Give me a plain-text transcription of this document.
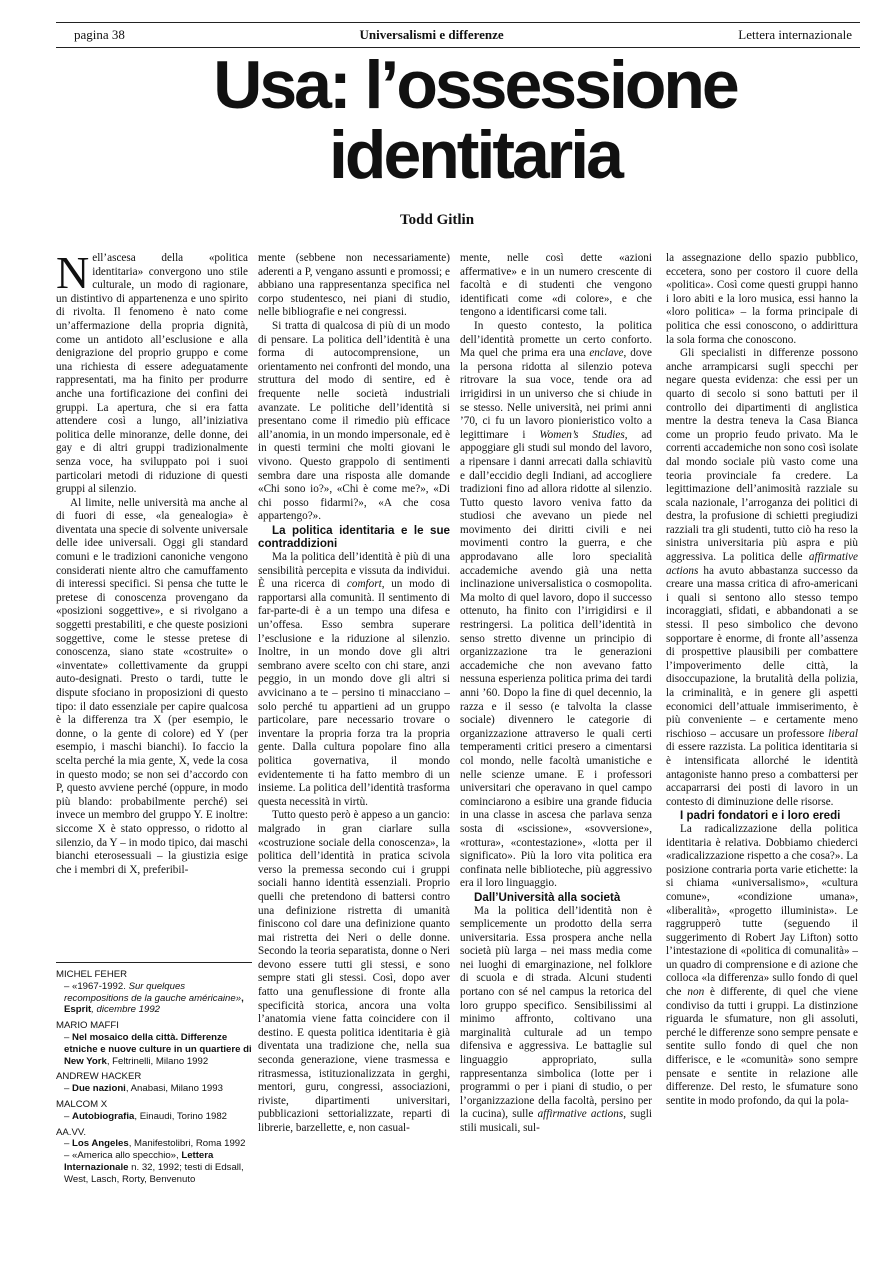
pagina 38	Universalismi e differenze	Lettera internazionale
Usa: l’ossessione
identitaria
Todd Gitlin

Nell’ascesa della «politica identitaria» convergono uno stile culturale, un modo di ragionare, un distintivo di appartenenza e uno spirito di rivolta. Il fenomeno è nato come un’affermazione della propria dignità, come un antidoto all’esclusione e alla denigrazione del proprio gruppo e come una richiesta di essere adeguatamente rappresentati, ma ha finito per produrre anche una fortificazione dei confini dei gruppi. La apertura, che si era fatta attendere così a lungo, all’iniziativa politica delle minoranze, delle donne, dei gay e di altri gruppi tradizionalmente senza voce, ha sviluppato poi i suoi particolari metodi di riduzione di questi gruppi al silenzio.

Al limite, nelle università ma anche al di fuori di esse, «la genealogia» è diventata una specie di solvente universale delle idee universali. Oggi gli standard comuni e le tradizioni canoniche vengono considerati niente altro che camuffamento di interessi specifici. Si pensa che tutte le pretese di conoscenza provengano da «posizioni soggettive», e si rivolgano a soggetti prestabiliti, e che queste posizioni soggettive, come le stesse pretese di conoscenza, siano state «costruite» o «inventate» collettivamente da gruppi auto-designati. Presto o tardi, tutte le dispute sfociano in proposizioni di questo tipo: il dato essenziale per capire qualcosa è la differenza tra X (per esempio, le donne, o la gente di colore) ed Y (per esempio, i maschi bianchi). Io faccio la scelta perché la mia gente, X, vede la cosa in questo modo; se non sei d’accordo con P, questo avviene perché (oppure, in modo più blando: probabilmente perché) sei invece un membro del gruppo Y. E inoltre: siccome X è stato oppresso, o ridotto al silenzio, da Y – in modo tipico, dai maschi bianchi eterosessuali – la giustizia esige che i membri di X, preferibil-

mente (sebbene non necessariamente) aderenti a P, vengano assunti e promossi; e abbiano una rappresentanza specifica nel corpo studentesco, nei piani di studio, nelle bibliografie e nei congressi.

Si tratta di qualcosa di più di un modo di pensare. La politica dell’identità è una forma di autocomprensione, un orientamento nei confronti del mondo, una struttura del modo di sentire, ed è frequente nelle società industriali avanzate. Le politiche dell’identità si presentano come il rimedio più efficace all’anomia, in un mondo impersonale, ed è in questi termini che molti giovani le vivono. Questo grappolo di sentimenti sembra dare una risposta alle domande «Chi sono io?», «Chi è come me?», «Di chi posso fidarmi?», «A che cosa appartengo?».

La politica identitaria e le sue contraddizioni

Ma la politica dell’identità è più di una sensibilità percepita e vissuta da individui. È una ricerca di comfort, un modo di rapportarsi alla comunità. Il sentimento di far-parte-di è a un tempo una difesa e un’offesa. Esso sembra superare l’esclusione e la riduzione al silenzio. Inoltre, in un mondo dove gli altri sembrano avere scelto con chi stare, anzi peggio, in un mondo dove gli altri si avvicinano a te – persino ti minacciano – solo perché tu appartieni ad un gruppo particolare, pare necessario trovare o inventare la propria forza tra la propria gente. Dalla cultura popolare fino alla politica governativa, il mondo evidentemente ti ha fatto membro di un insieme. La politica dell’identità trasforma questa necessità in virtù.

Tutto questo però è appeso a un gancio: malgrado in gran ciarlare sulla «costruzione sociale della conoscenza», la politica dell’identità in pratica scivola verso la premessa secondo cui i gruppi sociali hanno identità essenziali. Proprio quelli che pretendono di battersi contro una definizione ristretta di umanità finiscono col dare una definizione quanto mai ristretta dei Neri o delle donne. Secondo la teoria separatista, donne o Neri devono essere tutti gli stessi, e sono sempre stati gli stessi. Così, dopo aver fatto una genuflessione di fronte alla specificità storica, ancora una volta l’anatomia viene fatta coincidere con il destino. E questa politica identitaria è già diventata una tradizione che, nella sua seconda generazione, viene trasmessa e ritrasmessa, istituzionalizzata in gerghi, mentori, guru, congressi, associazioni, riviste, dipartimenti universitari, pubblicazioni settorializzate, reparti di librerie, barzellette, e, non casual-

mente, nelle così dette «azioni affermative» e in un numero crescente di facoltà e di studenti che vengono identificati come «di colore», e che tengono a identificarsi come tali.

In questo contesto, la politica dell’identità promette un certo conforto. Ma quel che prima era una enclave, dove la persona ridotta al silenzio poteva ritrovare la sua voce, tende ora ad irrigidirsi in un universo che si chiude in se stesso. Nelle università, nei primi anni ’70, ci fu un lavoro pionieristico volto a legittimare i Women’s Studies, ad appoggiare gli studi sul mondo del lavoro, a ripensare i danni arrecati dalla schiavitù e dall’eccidio degli Indiani, ad accogliere tradizioni fino ad allora ridotte al silenzio. Tutto questo lavoro veniva fatto da studiosi che avevano un piede nel movimento dei diritti civili e nei movimenti contro la guerra, e che approdavano alle loro specialità accademiche avendo già una netta inclinazione universalistica o cosmopolita. Ma molto di quel lavoro, dopo il successo ottenuto, ha finito con l’irrigidirsi e il restringersi. La politica dell’identità in senso stretto divenne un principio di organizzazione tra le generazioni accademiche che non avevano fatto nessuna esperienza politica prima dei tardi anni ’60. Dopo la fine di quel decennio, la razza e il sesso (e talvolta la classe sociale) divennero le categorie di organizzazione attraverso le quali certi temperamenti critici presero a cimentarsi col mondo, nelle facoltà umanistiche e nelle scienze umane. E i professori universitari che operavano in quel campo cominciarono a esibire una grande fiducia in una classe in ascesa che parlava senza sosta di «scissione», «sovversione», «rottura», «contestazione», «lotta per il significato». Più la loro vita politica era confinata nelle biblioteche, più aggressivo era il loro linguaggio.

Dall’Università alla società

Ma la politica dell’identità non è semplicemente un prodotto della serra universitaria. Essa prospera anche nella società più larga – nei mass media come nei luoghi di emarginazione, nel folklore di scuola e di strada. Alcuni studenti portano con sé nel campus la retorica del loro gruppo specifico. Sensibilissimi al minimo affronto, coltivano una marginalità culturale ad un tempo difensiva e aggressiva. Le battaglie sul linguaggio appropriato, sulla rappresentanza simbolica (lotte per i programmi o per i piani di studio, o per l’organizzazione della facoltà, persino per la cucina), sulle affirmative actions, sugli stili musicali, sul-

la assegnazione dello spazio pubblico, eccetera, sono per costoro il cuore della «politica». Così come questi gruppi hanno i loro abiti e la loro musica, essi hanno la «loro politica» – la forma principale di politica che essi conoscono, o addirittura la sola forma che conoscono.

Gli specialisti in differenze possono anche arrampicarsi sugli specchi per negare questa evidenza: che essi per un quarto di secolo si sono battuti per il controllo dei dipartimenti di anglistica mentre la destra teneva la Casa Bianca come un proprio feudo privato. Ma le correnti accademiche non sono così isolate dal mondo sociale più vasto come una teoria provinciale fa credere. La legittimazione dell’animosità razziale su scala nazionale, l’arroganza dei politici di destra, la profusione di schietti pregiudizi razziali tra gli studenti, tutto ciò ha reso la sinistra universitaria più aspra e più aggressiva. La politica delle affirmative actions ha avuto abbastanza successo da creare una massa critica di afro-americani i quali si sentono allo stesso tempo incoraggiati, sfidati, e abbandonati a se stessi. Il peso simbolico che devono sopportare è enorme, di fronte all’assenza di prospettive plausibili per combattere l’impoverimento delle città, la disoccupazione, la brutalità della polizia, la criminalità, e in genere gli aspetti economici dell’attuale immiserimento, è più conveniente – e certamente meno rischioso – accusare un professore liberal di essere razzista. La politica identitaria si è intensificata allorché le identità antagoniste hanno preso a combattersi per accaparrarsi dei posti di lavoro in un contesto di diminuzione delle risorse.

I padri fondatori e i loro eredi

La radicalizzazione della politica identitaria è relativa. Dobbiamo chiederci «radicalizzazione rispetto a che cosa?». La posizione contraria porta varie etichette: la si chiama «universalismo», «cultura comune», «condizione umana», «liberalità», «progetto illuminista». Le raggrupperò tutte (seguendo il suggerimento di Robert Jay Lifton) sotto l’intestazione di «politica di comunalità» – un quadro di comprensione e di azione che colloca «la differenza» sullo fondo di quel che non è differente, di quel che viene condiviso da tutti i gruppi. La distinzione riguarda le sfumature, non gli assoluti, perché le differenze sono sempre pensate e sentite sullo fondo di quel che non differisce, e le «comunità» sono sempre pensate e sentite in relazione alle differenze. Del resto, le sfumature sono sentite in modo profondo, da qui la pola-

MICHEL FEHER
– «1967-1992. Sur quelques recompositions de la gauche américaine», Esprit, dicembre 1992
MARIO MAFFI
– Nel mosaico della città. Differenze etniche e nuove culture in un quartiere di New York, Feltrinelli, Milano 1992
ANDREW HACKER
– Due nazioni, Anabasi, Milano 1993
MALCOM X
– Autobiografia, Einaudi, Torino 1982
AA.VV.
– Los Angeles, Manifestolibri, Roma 1992
– «America allo specchio», Lettera Internazionale n. 32, 1992; testi di Edsall, West, Lasch, Rorty, Benvenuto
